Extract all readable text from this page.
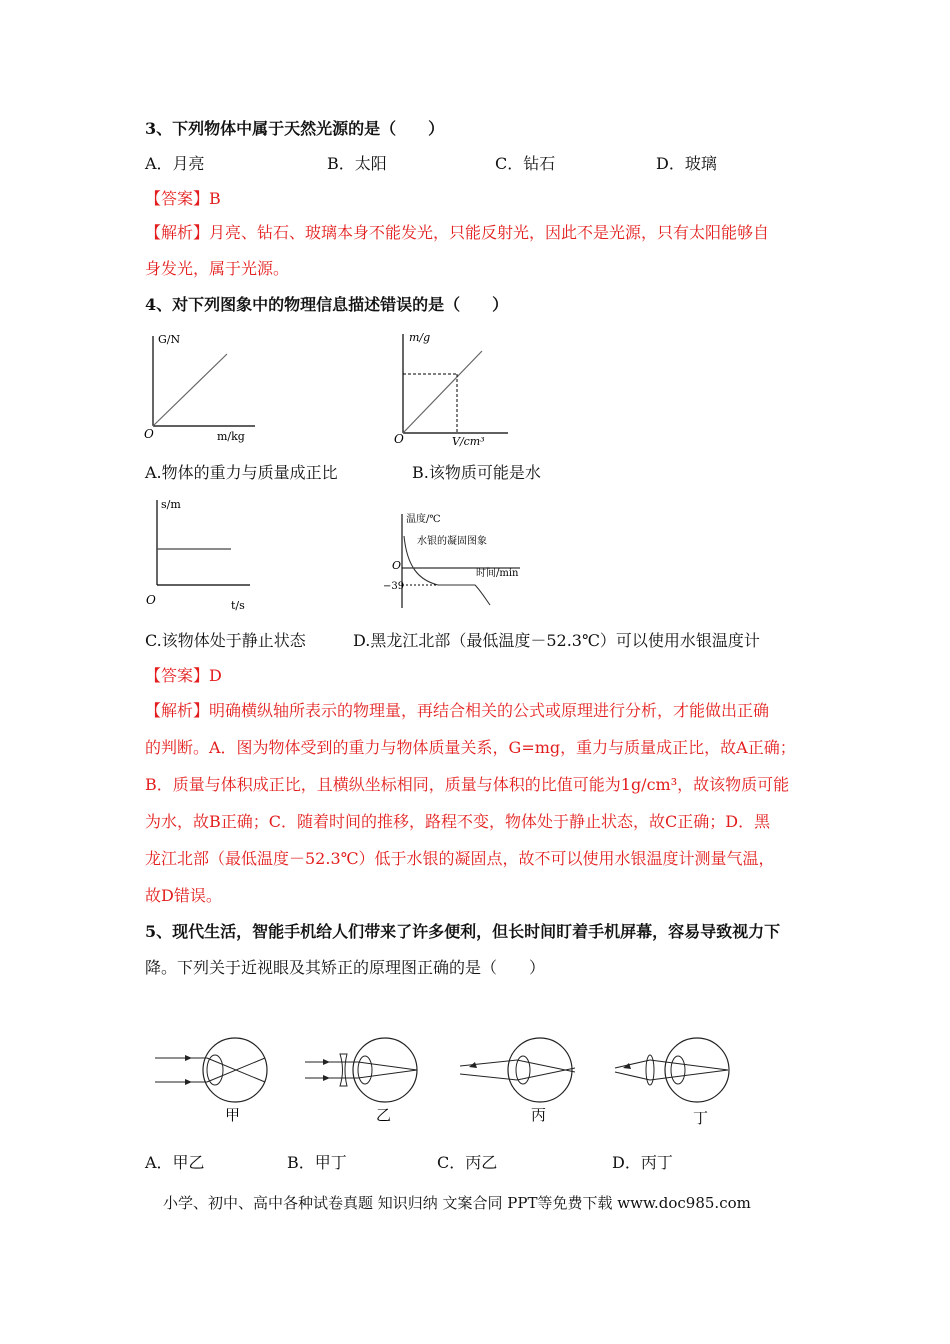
3、下列物体中属于天然光源的是（　　）
A．月亮	B．太阳	C．钻石	D．玻璃
【答案】B
【解析】月亮、钻石、玻璃本身不能发光，只能反射光，因此不是光源，只有太阳能够自
身发光，属于光源。
4、对下列图象中的物理信息描述错误的是（　　）
G/N
m/kg
O
m/g
V/cm³
O
A.物体的重力与质量成正比	B.该物质可能是水
s/m
t/s
O
温度/℃
水银的凝固图象
时间/min
O
−39
C.该物体处于静止状态	D.黑龙江北部（最低温度－52.3℃）可以使用水银温度计
【答案】D
【解析】明确横纵轴所表示的物理量，再结合相关的公式或原理进行分析，才能做出正确
的判断。A．图为物体受到的重力与物体质量关系，G=mg，重力与质量成正比，故A正确；
B．质量与体积成正比，且横纵坐标相同，质量与体积的比值可能为1g/cm³，故该物质可能
为水，故B正确；C．随着时间的推移，路程不变，物体处于静止状态，故C正确；D．黑
龙江北部（最低温度－52.3℃）低于水银的凝固点，故不可以使用水银温度计测量气温，
故D错误。
5、现代生活，智能手机给人们带来了许多便利，但长时间盯着手机屏幕，容易导致视力下
降。下列关于近视眼及其矫正的原理图正确的是（　　）
甲	乙	丙	丁
A．甲乙	B．甲丁	C．丙乙	D．丙丁
小学、初中、高中各种试卷真题 知识归纳 文案合同 PPT等免费下载 www.doc985.com
